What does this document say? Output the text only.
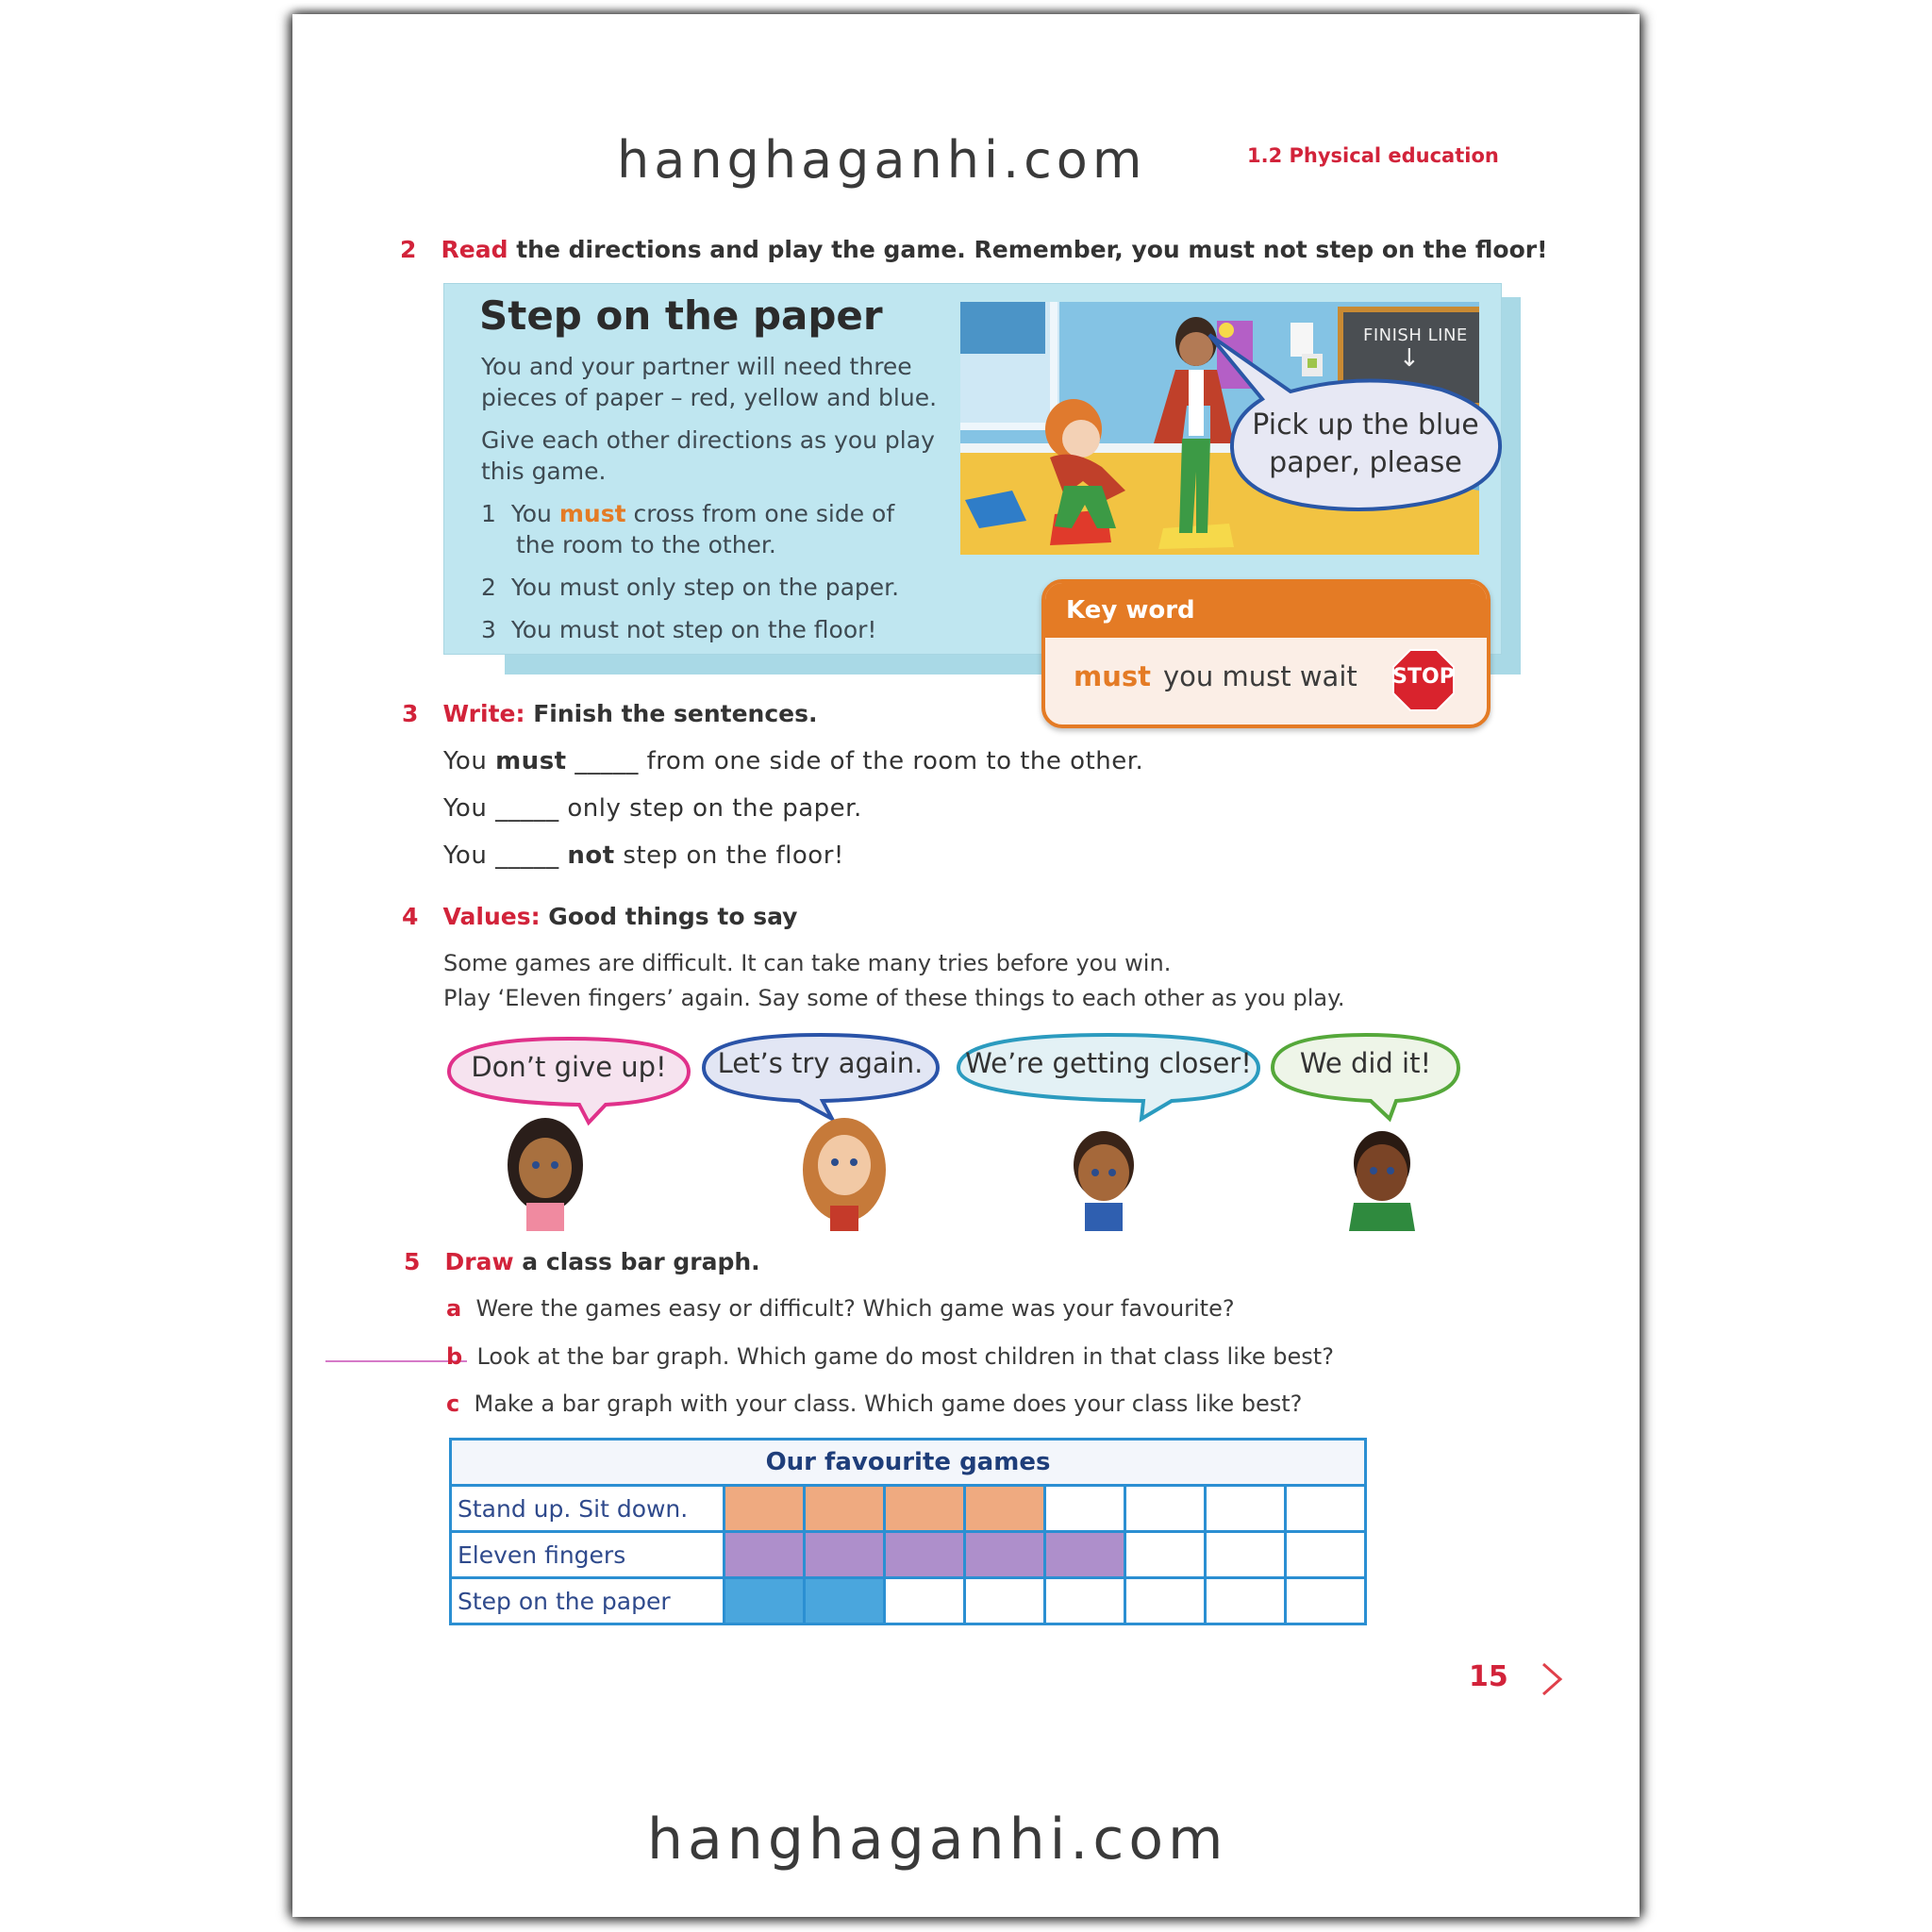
hanghaganhi.com	1.2 Physical education
2 Read the directions and play the game. Remember, you must not step on the floor!
Step on the paper
You and your partner will need three
pieces of paper – red, yellow and blue.
Give each other directions as you play
this game.
1 You must cross from one side of
the room to the other.
2 You must only step on the paper.
3 You must not step on the floor!
FINISH LINE
↓
Pick up the blue
paper, please
Key word
must you must wait STOP
3 Write: Finish the sentences.
You must _____ from one side of the room to the other.
You _____ only step on the paper.
You _____ not step on the floor!
4 Values: Good things to say
Some games are difficult. It can take many tries before you win.
Play ‘Eleven fingers’ again. Say some of these things to each other as you play.
Don’t give up!	Let’s try again.	We’re getting closer!	We did it!
5 Draw a class bar graph.
a Were the games easy or difficult? Which game was your favourite?
b Look at the bar graph. Which game do most children in that class like best?
c Make a bar graph with your class. Which game does your class like best?
Our favourite games								
Stand up. Sit down.								
Eleven fingers								
Step on the paper								
15
hanghaganhi.com
